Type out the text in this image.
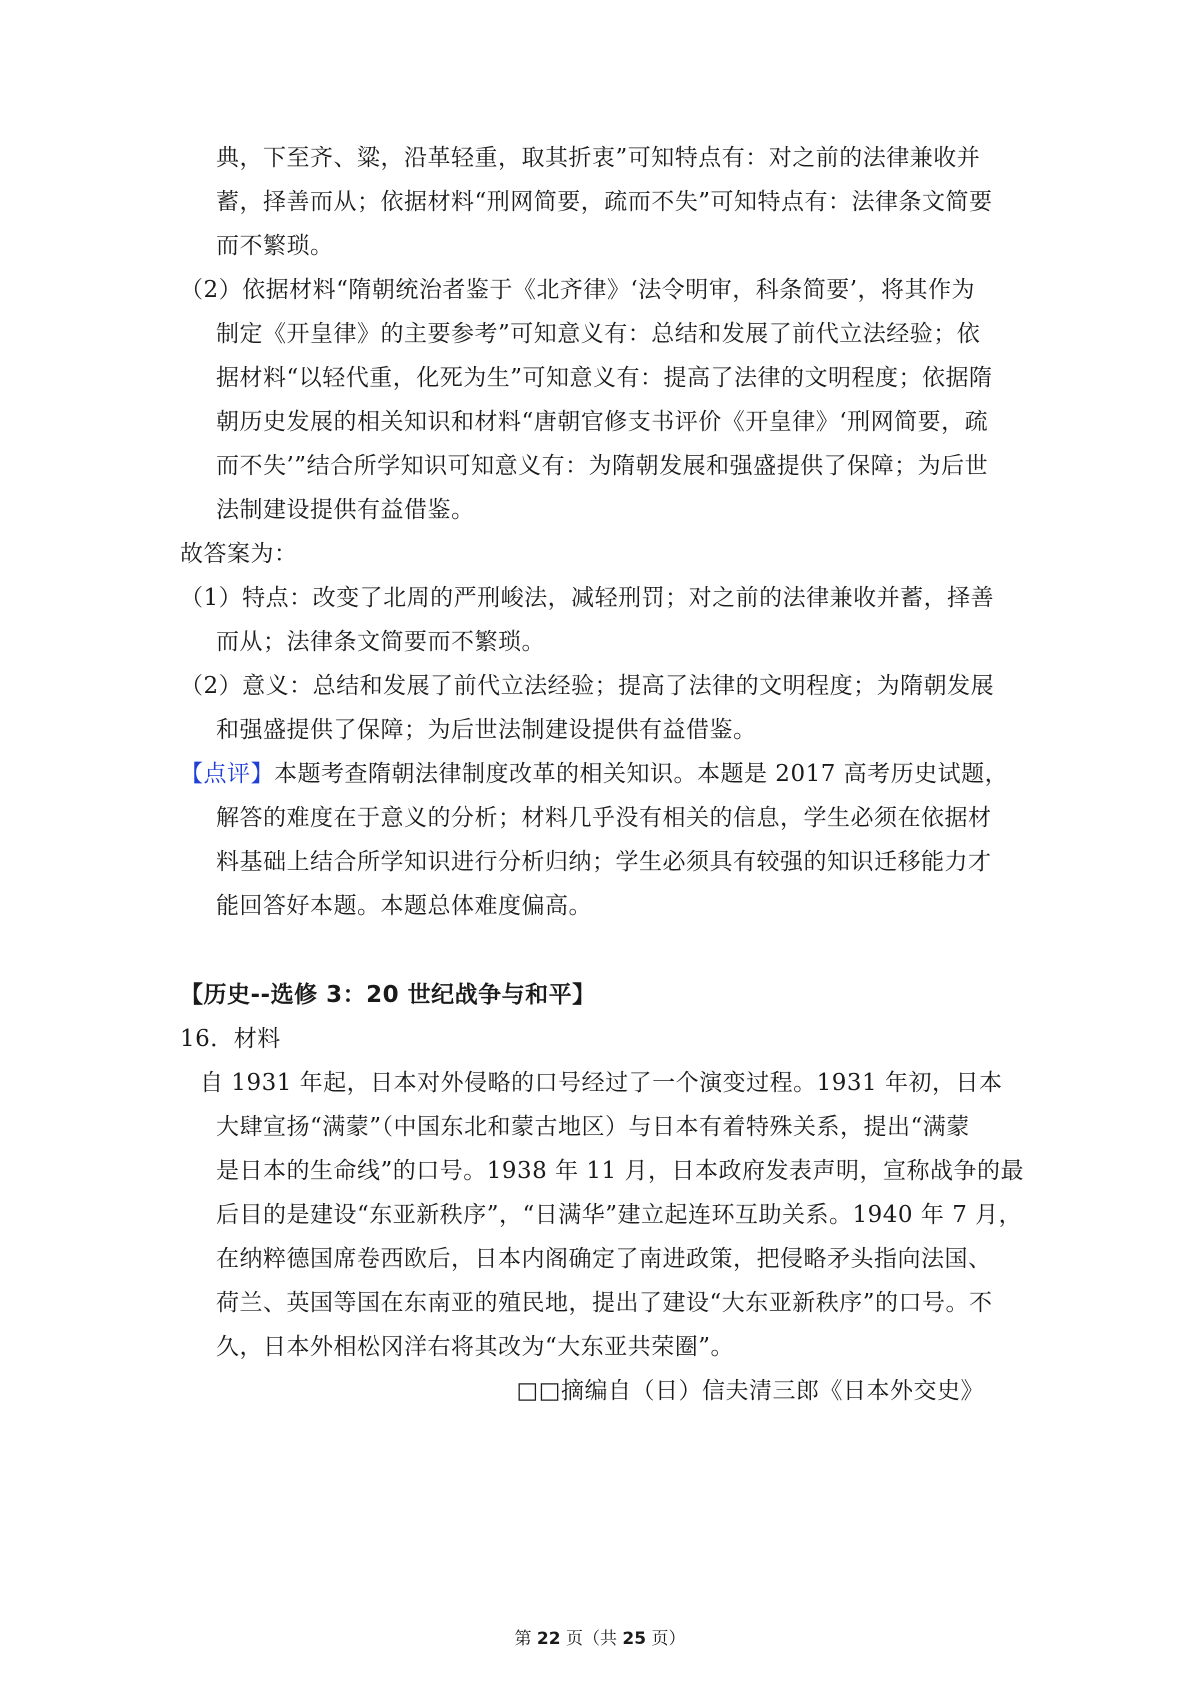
典，下至齐、粱，沿革轻重，取其折衷”可知特点有：对之前的法律兼收并
蓄，择善而从；依据材料“刑网简要，疏而不失”可知特点有：法律条文简要
而不繁琐。
（2）依据材料“隋朝统治者鉴于《北齐律》‘法令明审，科条简要’，将其作为
制定《开皇律》的主要参考”可知意义有：总结和发展了前代立法经验；依
据材料“以轻代重，化死为生”可知意义有：提高了法律的文明程度；依据隋
朝历史发展的相关知识和材料“唐朝官修支书评价《开皇律》‘刑网简要，疏
而不失’”结合所学知识可知意义有：为隋朝发展和强盛提供了保障；为后世
法制建设提供有益借鉴。
故答案为：
（1）特点：改变了北周的严刑峻法，减轻刑罚；对之前的法律兼收并蓄，择善
而从；法律条文简要而不繁琐。
（2）意义：总结和发展了前代立法经验；提高了法律的文明程度；为隋朝发展
和强盛提供了保障；为后世法制建设提供有益借鉴。
【点评】本题考查隋朝法律制度改革的相关知识。本题是 2017 高考历史试题，
解答的难度在于意义的分析；材料几乎没有相关的信息，学生必须在依据材
料基础上结合所学知识进行分析归纳；学生必须具有较强的知识迁移能力才
能回答好本题。本题总体难度偏高。
【历史--选修 3：20 世纪战争与和平】
16．材料
自 1931 年起，日本对外侵略的口号经过了一个演变过程。1931 年初，日本
大肆宣扬“满蒙”（中国东北和蒙古地区）与日本有着特殊关系，提出“满蒙
是日本的生命线”的口号。1938 年 11 月，日本政府发表声明，宣称战争的最
后目的是建设“东亚新秩序”，“日满华”建立起连环互助关系。1940 年 7 月，
在纳粹德国席卷西欧后，日本内阁确定了南进政策，把侵略矛头指向法国、
荷兰、英国等国在东南亚的殖民地，提出了建设“大东亚新秩序”的口号。不
久，日本外相松冈洋右将其改为“大东亚共荣圈”。
□□摘编自（日）信夫清三郎《日本外交史》
第 22 页（共 25 页）
